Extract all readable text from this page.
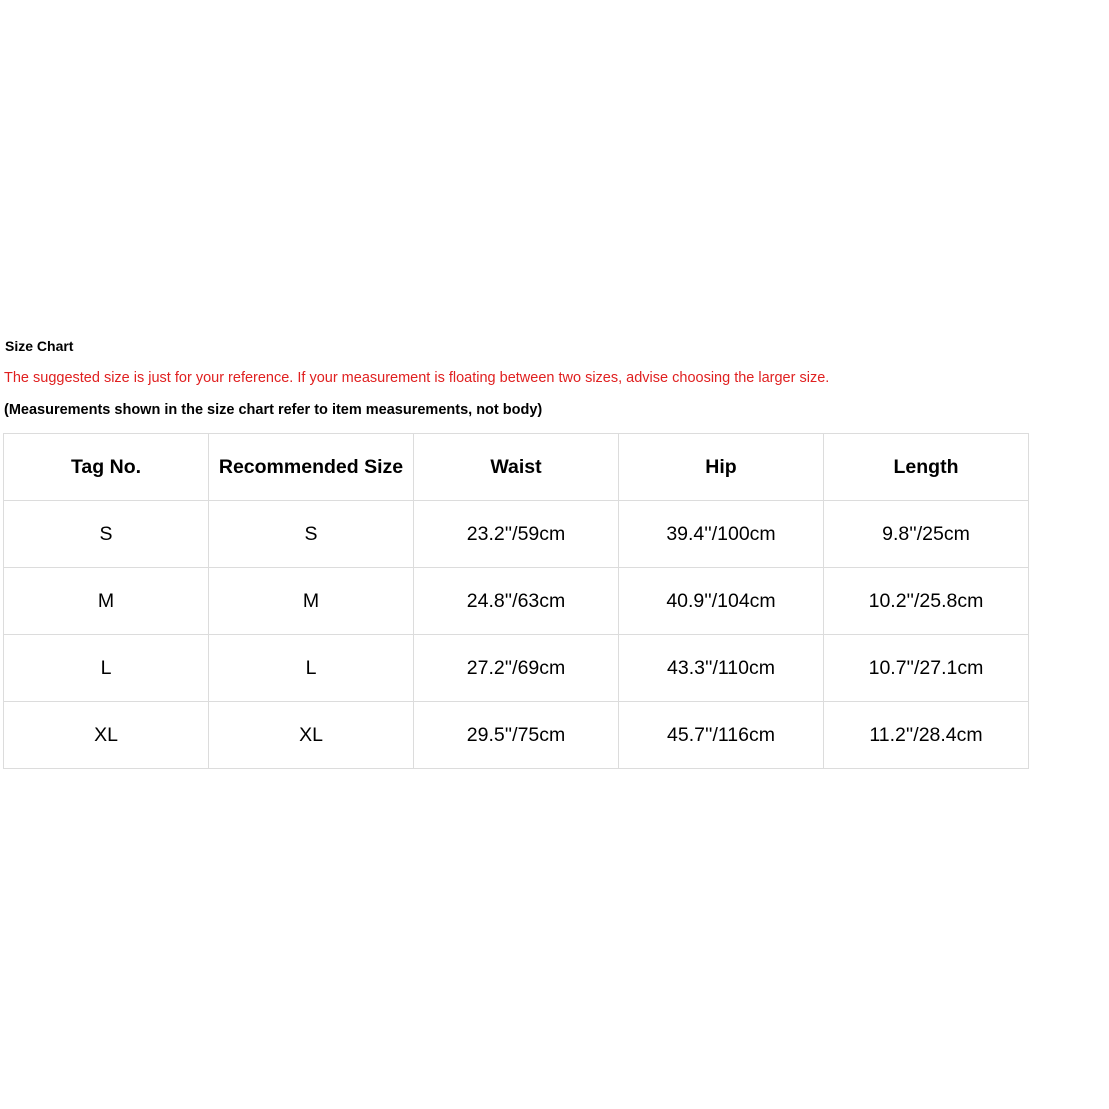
Size Chart
The suggested size is just for your reference. If your measurement is floating between two sizes, advise choosing the larger size.
(Measurements shown in the size chart refer to item measurements, not body)
Tag No.	Recommended Size	Waist	Hip	Length
S	S	23.2''/59cm	39.4''/100cm	9.8''/25cm
M	M	24.8''/63cm	40.9''/104cm	10.2''/25.8cm
L	L	27.2''/69cm	43.3''/110cm	10.7''/27.1cm
XL	XL	29.5''/75cm	45.7''/116cm	11.2''/28.4cm
